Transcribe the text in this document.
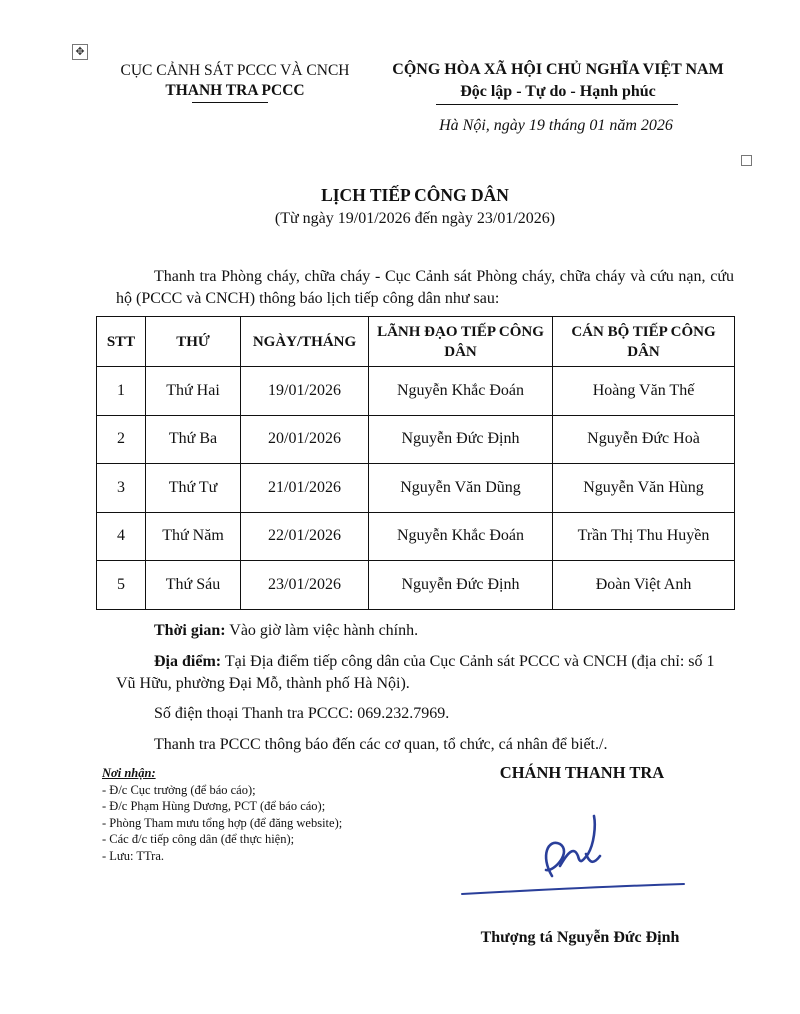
✥
CỤC CẢNH SÁT PCCC VÀ CNCH
THANH TRA PCCC
CỘNG HÒA XÃ HỘI CHỦ NGHĨA VIỆT NAM
Độc lập - Tự do - Hạnh phúc
Hà Nội, ngày 19 tháng 01 năm 2026
LỊCH TIẾP CÔNG DÂN
(Từ ngày 19/01/2026 đến ngày 23/01/2026)
Thanh tra Phòng cháy, chữa cháy - Cục Cảnh sát Phòng cháy, chữa cháy và cứu nạn, cứu hộ (PCCC và CNCH) thông báo lịch tiếp công dân như sau:
STT	THỨ	NGÀY/THÁNG	LÃNH ĐẠO TIẾP CÔNG DÂN	CÁN BỘ TIẾP CÔNG DÂN
1	Thứ Hai	19/01/2026	Nguyễn Khắc Đoán	Hoàng Văn Thế
2	Thứ Ba	20/01/2026	Nguyễn Đức Định	Nguyễn Đức Hoà
3	Thứ Tư	21/01/2026	Nguyễn Văn Dũng	Nguyễn Văn Hùng
4	Thứ Năm	22/01/2026	Nguyễn Khắc Đoán	Trần Thị Thu Huyền
5	Thứ Sáu	23/01/2026	Nguyễn Đức Định	Đoàn Việt Anh
Thời gian: Vào giờ làm việc hành chính.
Địa điểm: Tại Địa điểm tiếp công dân của Cục Cảnh sát PCCC và CNCH (địa chỉ: số 1 Vũ Hữu, phường Đại Mỗ, thành phố Hà Nội).
Số điện thoại Thanh tra PCCC: 069.232.7969.
Thanh tra PCCC thông báo đến các cơ quan, tổ chức, cá nhân để biết./.
Nơi nhận:
- Đ/c Cục trưởng (để báo cáo);
- Đ/c Phạm Hùng Dương, PCT (để báo cáo);
- Phòng Tham mưu tổng hợp (để đăng website);
- Các đ/c tiếp công dân (để thực hiện);
- Lưu: TTra.
CHÁNH THANH TRA
Thượng tá Nguyễn Đức Định
